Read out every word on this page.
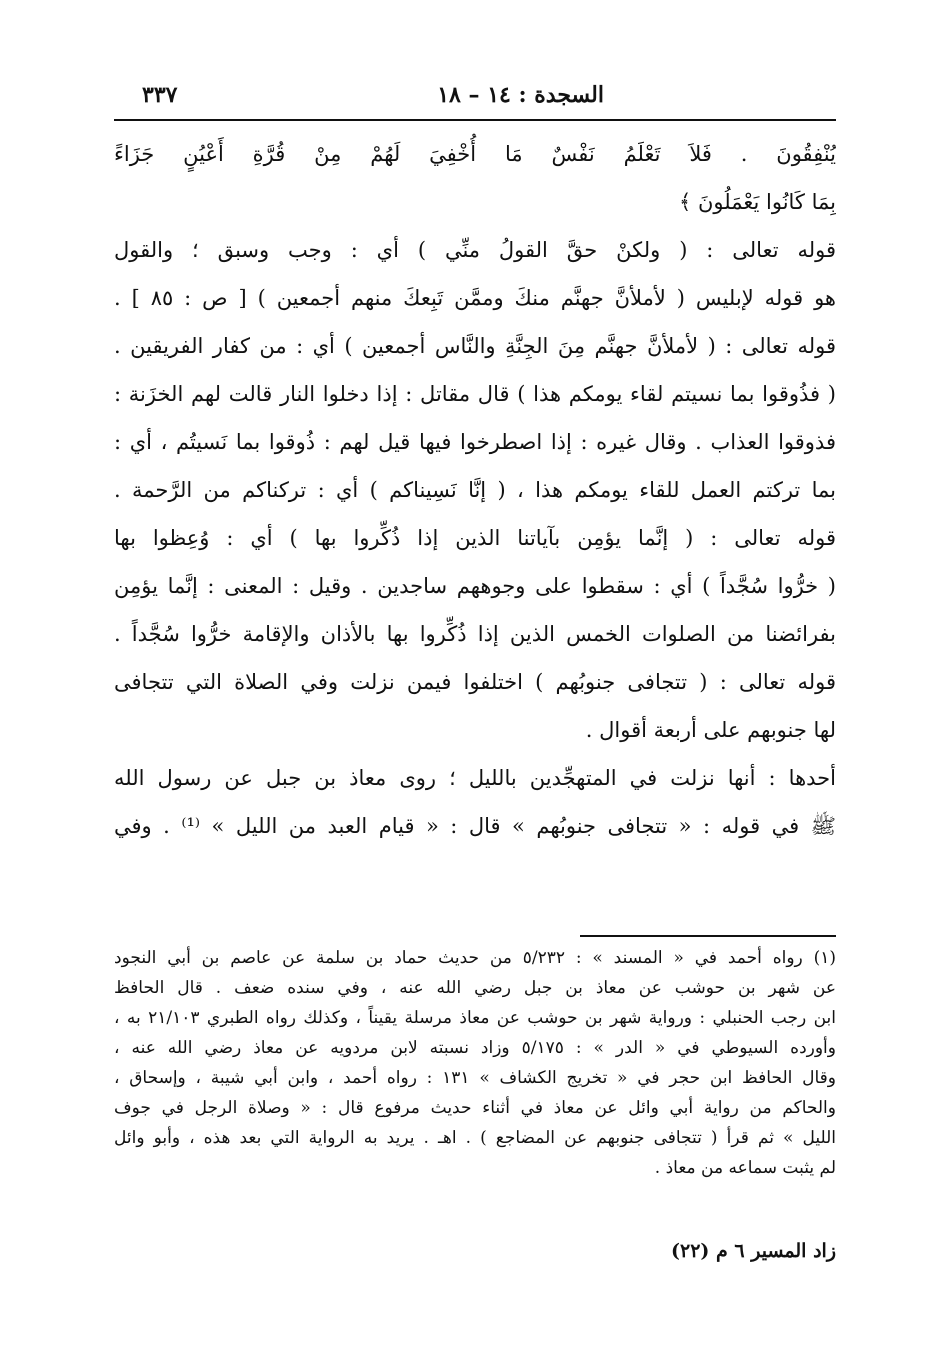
السجدة : ١٤ – ١٨
٣٣٧
يُنْفِقُونَ . فَلاَ تَعْلَمُ نَفْسٌ مَا أُخْفِيَ لَهُمْ مِنْ قُرَّةِ أَعْيُنٍ جَزَاءً
بِمَا كَانُوا يَعْمَلُونَ ﴾
قوله تعالى : ( ولكنْ حقَّ القولُ منِّي ) أي : وجب وسبق ؛ والقول
هو قوله لإبليس ( لأملأنَّ جهنَّم منكَ وممَّن تَبِعكَ منهم أجمعين ) [ ص : ٨٥ ] .
قوله تعالى : ( لأملأنَّ جهنَّم مِنَ الجِنَّةِ والنَّاس أجمعين ) أي : من كفار الفريقين .
( فذُوقوا بما نسيتم لقاء يومكم هذا ) قال مقاتل : إذا دخلوا النار قالت لهم الخزَنة :
فذوقوا العذاب . وقال غيره : إذا اصطرخوا فيها قيل لهم : ذُوقوا بما نَسيتُم ، أي :
بما تركتم العمل للقاء يومكم هذا ، ( إنَّا نَسِيناكم ) أي : تركناكم من الرَّحمة .
قوله تعالى : ( إنَّما يؤمِن بآياتنا الذين إذا ذُكِّروا بها ) أي : وُعِظوا بها
( خرُّوا سُجَّداً ) أي : سقطوا على وجوههم ساجدين . وقيل : المعنى : إنَّما يؤمِن
بفرائضنا من الصلوات الخمس الذين إذا ذُكِّروا بها بالأذان والإقامة خرُّوا سُجَّداً .
قوله تعالى : ( تتجافى جنوبُهم ) اختلفوا فيمن نزلت وفي الصلاة التي تتجافى
لها جنوبهم على أربعة أقوال .
أحدها : أنها نزلت في المتهجِّدين بالليل ؛ روى معاذ بن جبل عن رسول الله
ﷺ في قوله : « تتجافى جنوبُهم » قال : « قيام العبد من الليل » ⁽¹⁾ . وفي
(١) رواه أحمد في « المسند » : ٥/٢٣٢ من حديث حماد بن سلمة عن عاصم بن أبي النجود
عن شهر بن حوشب عن معاذ بن جبل رضي الله عنه ، وفي سنده ضعف . قال الحافظ
ابن رجب الحنبلي : ورواية شهر بن حوشب عن معاذ مرسلة يقيناً ، وكذلك رواه الطبري ٢١/١٠٣ به ،
وأورده السيوطي في « الدر » : ٥/١٧٥ وزاد نسبته لابن مردويه عن معاذ رضي الله عنه ،
وقال الحافظ ابن حجر في « تخريج الكشاف » ١٣١ : رواه أحمد ، وابن أبي شيبة ، وإسحاق ،
والحاكم من رواية أبي وائل عن معاذ في أثناء حديث مرفوع قال : « وصلاة الرجل في جوف
الليل » ثم قرأ ( تتجافى جنوبهم عن المضاجع ) . اهـ . يريد به الرواية التي بعد هذه ، وأبو وائل
لم يثبت سماعه من معاذ .
زاد المسير ٦ م (٢٢)
